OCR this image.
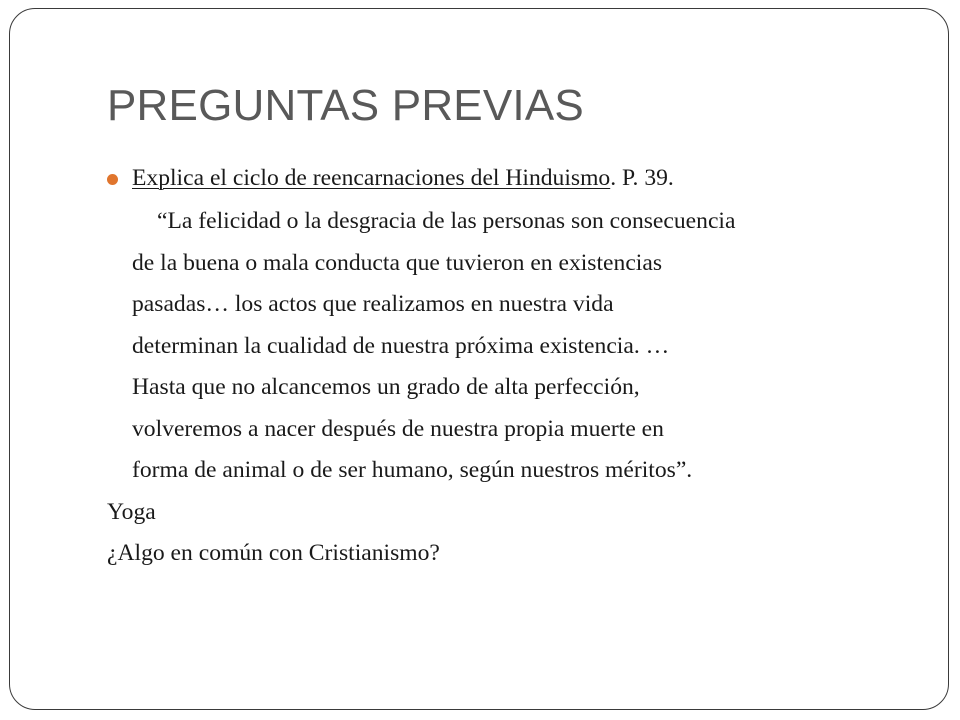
PREGUNTAS PREVIAS
Explica el ciclo de reencarnaciones del Hinduismo. P. 39.
“La felicidad o la desgracia de las personas son consecuencia
de la buena o mala conducta que tuvieron en existencias
pasadas… los actos que realizamos en nuestra vida
determinan la cualidad de nuestra próxima existencia. …
Hasta que no alcancemos un grado de alta perfección,
volveremos a nacer después de nuestra propia muerte en
forma de animal o de ser humano, según nuestros méritos”.
Yoga
¿Algo en común con Cristianismo?
